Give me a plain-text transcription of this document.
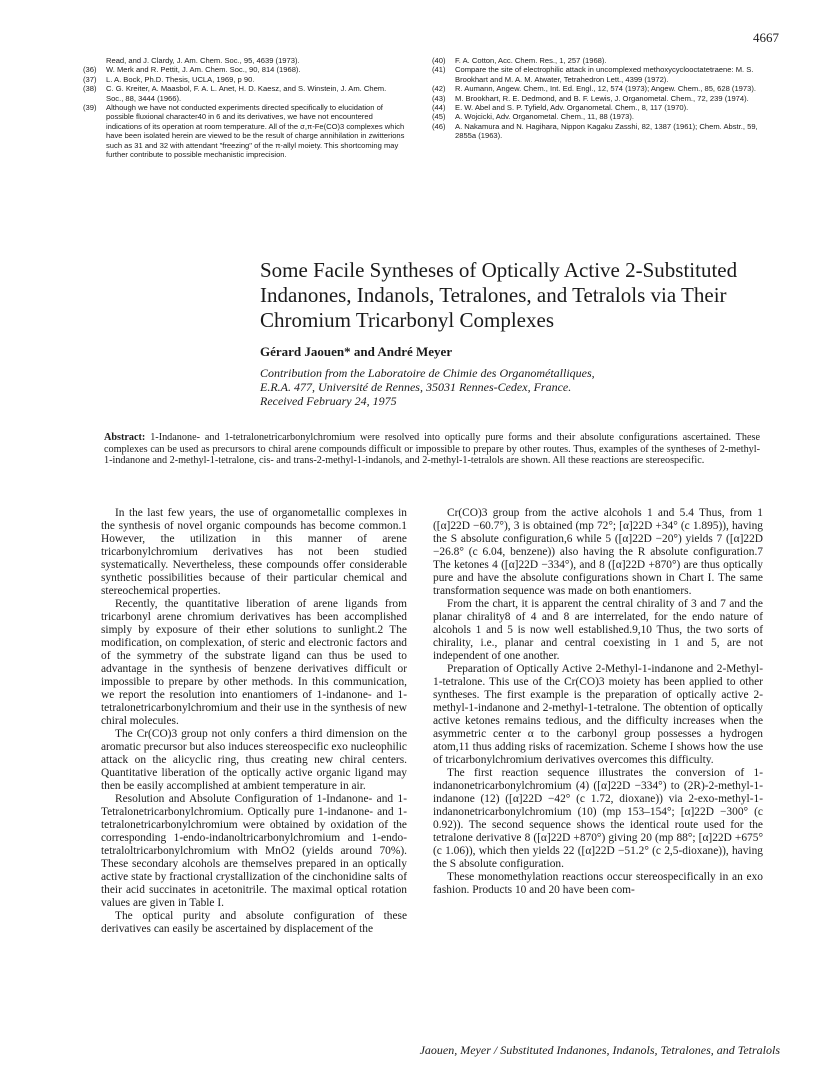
4667
Read, and J. Clardy, J. Am. Chem. Soc., 95, 4639 (1973).
(36)	W. Merk and R. Pettit, J. Am. Chem. Soc., 90, 814 (1968).
(37)	L. A. Bock, Ph.D. Thesis, UCLA, 1969, p 90.
(38)	C. G. Kreiter, A. Maasbol, F. A. L. Anet, H. D. Kaesz, and S. Winstein, J. Am. Chem. Soc., 88, 3444 (1966).
(39)	Although we have not conducted experiments directed specifically to elucidation of possible fluxional character40 in 6 and its derivatives, we have not encountered indications of its operation at room temperature. All of the σ,π-Fe(CO)3 complexes which have been isolated herein are viewed to be the result of charge annihilation in zwitterions such as 31 and 32 with attendant "freezing" of the π-allyl moiety. This shortcoming may further contribute to possible mechanistic imprecision.
(40)	F. A. Cotton, Acc. Chem. Res., 1, 257 (1968).
(41)	Compare the site of electrophilic attack in uncomplexed methoxycyclooctatetraene: M. S. Brookhart and M. A. M. Atwater, Tetrahedron Lett., 4399 (1972).
(42)	R. Aumann, Angew. Chem., Int. Ed. Engl., 12, 574 (1973); Angew. Chem., 85, 628 (1973).
(43)	M. Brookhart, R. E. Dedmond, and B. F. Lewis, J. Organometal. Chem., 72, 239 (1974).
(44)	E. W. Abel and S. P. Tyfield, Adv. Organometal. Chem., 8, 117 (1970).
(45)	A. Wojcicki, Adv. Organometal. Chem., 11, 88 (1973).
(46)	A. Nakamura and N. Hagihara, Nippon Kagaku Zasshi, 82, 1387 (1961); Chem. Abstr., 59, 2855a (1963).
Some Facile Syntheses of Optically Active 2-Substituted Indanones, Indanols, Tetralones, and Tetralols via Their Chromium Tricarbonyl Complexes
Gérard Jaouen* and André Meyer
Contribution from the Laboratoire de Chimie des Organométalliques,
E.R.A. 477, Université de Rennes, 35031 Rennes-Cedex, France.
Received February 24, 1975
Abstract: 1-Indanone- and 1-tetralonetricarbonylchromium were resolved into optically pure forms and their absolute configurations ascertained. These complexes can be used as precursors to chiral arene compounds difficult or impossible to prepare by other routes. Thus, examples of the syntheses of 2-methyl-1-indanone and 2-methyl-1-tetralone, cis- and trans-2-methyl-1-indanols, and 2-methyl-1-tetralols are shown. All these reactions are stereospecific.

In the last few years, the use of organometallic complexes in the synthesis of novel organic compounds has become common.1 However, the utilization in this manner of arene tricarbonylchromium derivatives has not been studied systematically. Nevertheless, these compounds offer considerable synthetic possibilities because of their particular chemical and stereochemical properties.

Recently, the quantitative liberation of arene ligands from tricarbonyl arene chromium derivatives has been accomplished simply by exposure of their ether solutions to sunlight.2 The modification, on complexation, of steric and electronic factors and of the symmetry of the substrate ligand can thus be used to advantage in the synthesis of benzene derivatives difficult or impossible to prepare by other methods. In this communication, we report the resolution into enantiomers of 1-indanone- and 1-tetralonetricarbonylchromium and their use in the synthesis of new chiral molecules.

The Cr(CO)3 group not only confers a third dimension on the aromatic precursor but also induces stereospecific exo nucleophilic attack on the alicyclic ring, thus creating new chiral centers. Quantitative liberation of the optically active organic ligand may then be easily accomplished at ambient temperature in air.

Resolution and Absolute Configuration of 1-Indanone- and 1-Tetralonetricarbonylchromium. Optically pure 1-indanone- and 1-tetralonetricarbonylchromium were obtained by oxidation of the corresponding 1-endo-indanoltricarbonylchromium and 1-endo-tetraloltricarbonylchromium with MnO2 (yields around 70%). These secondary alcohols are themselves prepared in an optically active state by fractional crystallization of the cinchonidine salts of their acid succinates in acetonitrile. The maximal optical rotation values are given in Table I.

The optical purity and absolute configuration of these derivatives can easily be ascertained by displacement of the

Cr(CO)3 group from the active alcohols 1 and 5.4 Thus, from 1 ([α]22D −60.7°), 3 is obtained (mp 72°; [α]22D +34° (c 1.895)), having the S absolute configuration,6 while 5 ([α]22D −20°) yields 7 ([α]22D −26.8° (c 6.04, benzene)) also having the R absolute configuration.7 The ketones 4 ([α]22D −334°), and 8 ([α]22D +870°) are thus optically pure and have the absolute configurations shown in Chart I. The same transformation sequence was made on both enantiomers.

From the chart, it is apparent the central chirality of 3 and 7 and the planar chirality8 of 4 and 8 are interrelated, for the endo nature of alcohols 1 and 5 is now well established.9,10 Thus, the two sorts of chirality, i.e., planar and central coexisting in 1 and 5, are not independent of one another.

Preparation of Optically Active 2-Methyl-1-indanone and 2-Methyl-1-tetralone. This use of the Cr(CO)3 moiety has been applied to other syntheses. The first example is the preparation of optically active 2-methyl-1-indanone and 2-methyl-1-tetralone. The obtention of optically active ketones remains tedious, and the difficulty increases when the asymmetric center α to the carbonyl group possesses a hydrogen atom,11 thus adding risks of racemization. Scheme I shows how the use of tricarbonylchromium derivatives overcomes this difficulty.

The first reaction sequence illustrates the conversion of 1-indanonetricarbonylchromium (4) ([α]22D −334°) to (2R)-2-methyl-1-indanone (12) ([α]22D −42° (c 1.72, dioxane)) via 2-exo-methyl-1-indanonetricarbonylchromium (10) (mp 153–154°; [α]22D −300° (c 0.92)). The second sequence shows the identical route used for the tetralone derivative 8 ([α]22D +870°) giving 20 (mp 88°; [α]22D +675° (c 1.06)), which then yields 22 ([α]22D −51.2° (c 2,5-dioxane)), having the S absolute configuration.

These monomethylation reactions occur stereospecifically in an exo fashion. Products 10 and 20 have been com-

Jaouen, Meyer / Substituted Indanones, Indanols, Tetralones, and Tetralols
